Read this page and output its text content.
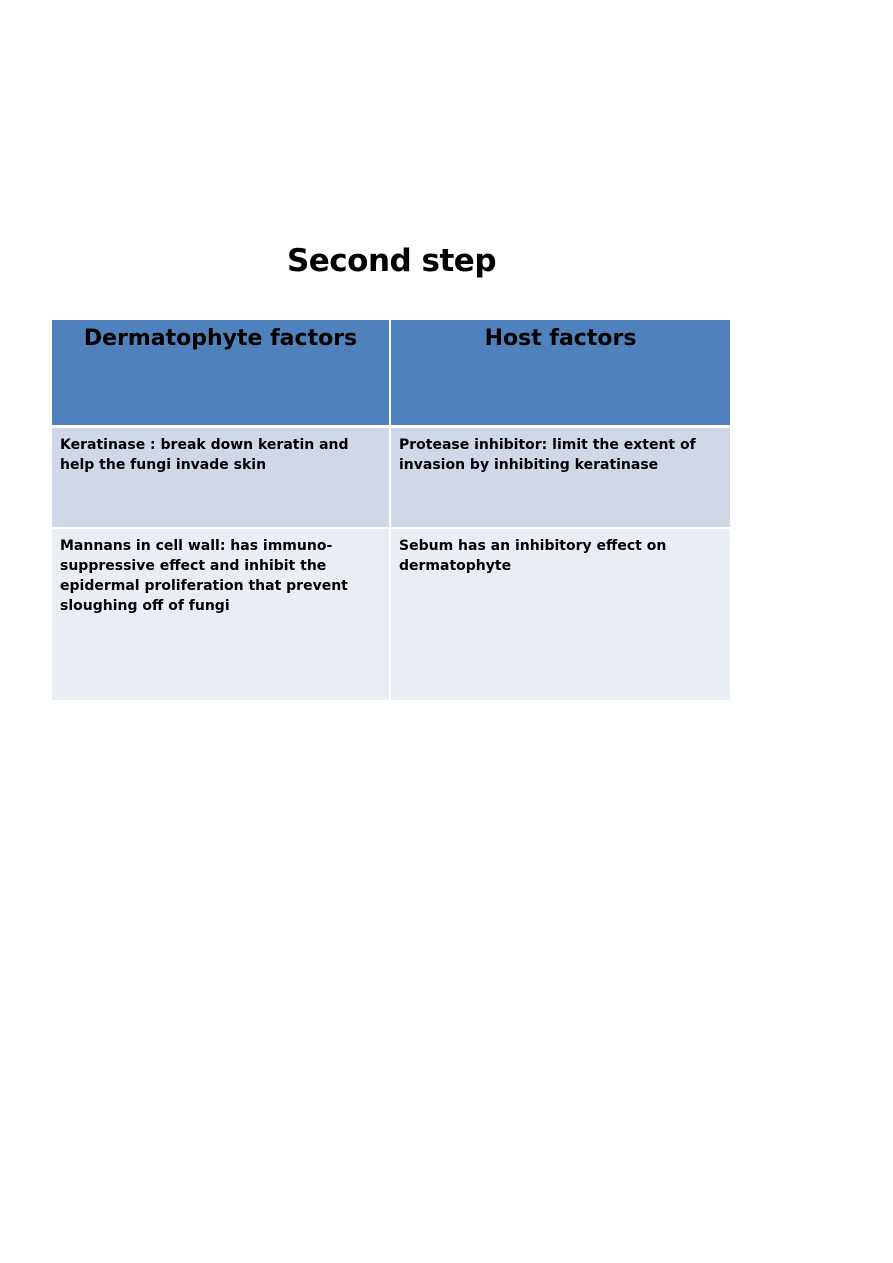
Second step
Dermatophyte factors	Host factors
Keratinase : break down keratin and help the fungi invade skin	Protease inhibitor: limit the extent of invasion by inhibiting keratinase
Mannans in cell wall: has immuno-suppressive effect and inhibit the epidermal proliferation that prevent sloughing off of fungi	Sebum has an inhibitory effect on dermatophyte
